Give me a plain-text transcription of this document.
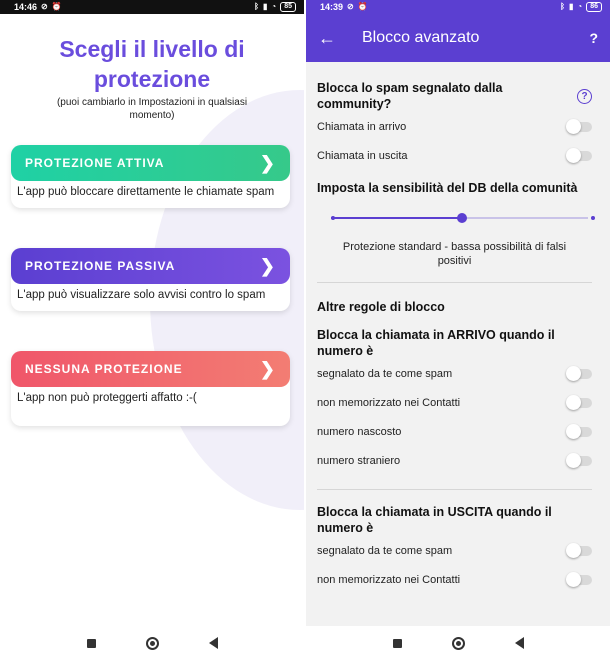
14:46 ⊘ ⏰	ᛒ ▮ ◔	85
Scegli il livello di protezione
(puoi cambiarlo in Impostazioni in qualsiasi momento)
PROTEZIONE ATTIVA	❯
L'app può bloccare direttamente le chiamate spam
PROTEZIONE PASSIVA	❯
L'app può visualizzare solo avvisi contro lo spam
NESSUNA PROTEZIONE	❯
L'app non può proteggerti affatto :-(
14:39 ⊘ ⏰	ᛒ ▮ ◔	86
←	Blocco avanzato	?
Blocca lo spam segnalato dalla community?
?
Chiamata in arrivo
Chiamata in uscita
Imposta la sensibilità del DB della comunità
Protezione standard - bassa possibilità di falsi positivi
Altre regole di blocco
Blocca la chiamata in ARRIVO quando il numero è
segnalato da te come spam
non memorizzato nei Contatti
numero nascosto
numero straniero
Blocca la chiamata in USCITA quando il numero è
segnalato da te come spam
non memorizzato nei Contatti
